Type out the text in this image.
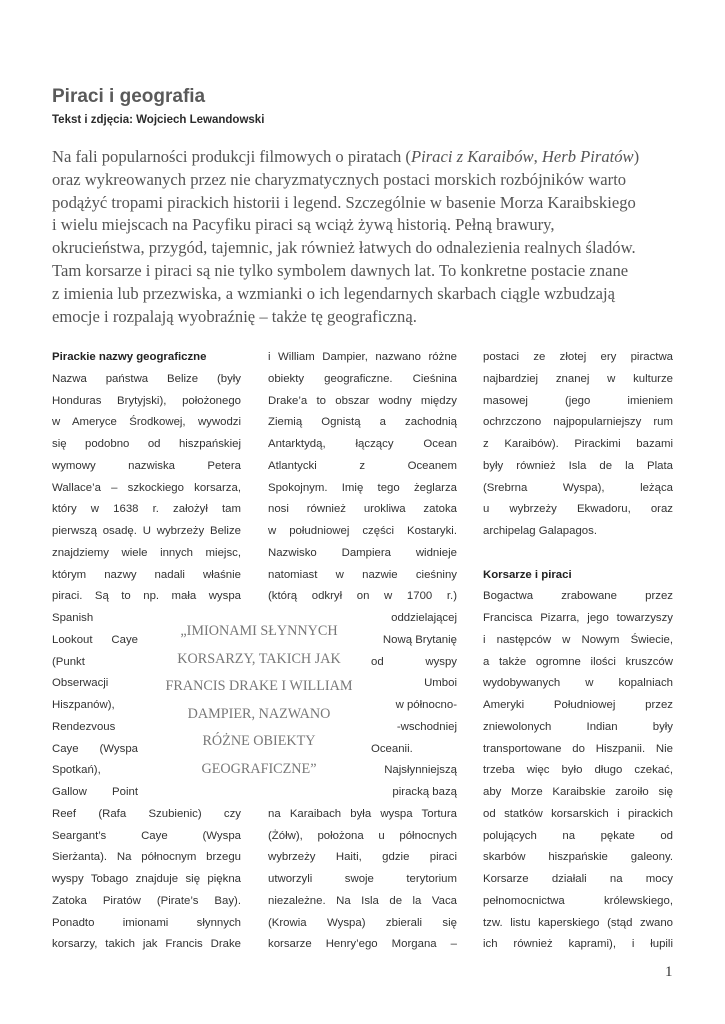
Piraci i geografia
Tekst i zdjęcia: Wojciech Lewandowski

Na fali popularności produkcji filmowych o piratach (Piraci z Karaibów, Herb Piratów)

oraz wykreowanych przez nie charyzmatycznych postaci morskich rozbójników warto

podążyć tropami pirackich historii i legend. Szczególnie w basenie Morza Karaibskiego

i wielu miejscach na Pacyfiku piraci są wciąż żywą historią. Pełną brawury,

okrucieństwa, przygód, tajemnic, jak również łatwych do odnalezienia realnych śladów.

Tam korsarze i piraci są nie tylko symbolem dawnych lat. To konkretne postacie znane

z imienia lub przezwiska, a wzmianki o ich legendarnych skarbach ciągle wzbudzają

emocje i rozpalają wyobraźnię – także tę geograficzną.

Pirackie nazwy geograficzne
Nazwa państwa Belize (były
Honduras Brytyjski), położonego
w Ameryce Środkowej, wywodzi
się podobno od hiszpańskiej
wymowy nazwiska Petera
Wallace’a – szkockiego korsarza,
który w 1638 r. założył tam
pierwszą osadę. U wybrzeży Belize
znajdziemy wiele innych miejsc,
którym nazwy nadali właśnie
piraci. Są to np. mała wyspa
Spanish
Lookout Caye
(Punkt
Obserwacji
Hiszpanów),
Rendezvous
Caye (Wyspa
Spotkań),
Gallow Point
Reef (Rafa Szubienic) czy
Seargant’s Caye (Wyspa
Sierżanta). Na północnym brzegu
wyspy Tobago znajduje się piękna
Zatoka Piratów (Pirate’s Bay).
Ponadto imionami słynnych
korsarzy, takich jak Francis Drake
i William Dampier, nazwano różne
obiekty geograficzne. Cieśnina
Drake’a to obszar wodny między
Ziemią Ognistą a zachodnią
Antarktydą, łączący Ocean
Atlantycki z Oceanem
Spokojnym. Imię tego żeglarza
nosi również urokliwa zatoka
w południowej części Kostaryki.
Nazwisko Dampiera widnieje
natomiast w nazwie cieśniny
(którą odkrył on w 1700 r.)
oddzielającej
Nową Brytanię
od wyspy
Umboi
w północno-
-wschodniej
Oceanii.
Najsłynniejszą
piracką bazą
na Karaibach była wyspa Tortura
(Żółw), położona u północnych
wybrzeży Haiti, gdzie piraci
utworzyli swoje terytorium
niezależne. Na Isla de la Vaca
(Krowia Wyspa) zbierali się
korsarze Henry’ego Morgana –
postaci ze złotej ery piractwa
najbardziej znanej w kulturze
masowej (jego imieniem
ochrzczono najpopularniejszy rum
z Karaibów). Pirackimi bazami
były również Isla de la Plata
(Srebrna Wyspa), leżąca
u wybrzeży Ekwadoru, oraz
archipelag Galapagos.
Korsarze i piraci
Bogactwa zrabowane przez
Francisca Pizarra, jego towarzyszy
i następców w Nowym Świecie,
a także ogromne ilości kruszców
wydobywanych w kopalniach
Ameryki Południowej przez
zniewolonych Indian były
transportowane do Hiszpanii. Nie
trzeba więc było długo czekać,
aby Morze Karaibskie zaroiło się
od statków korsarskich i pirackich
polujących na pękate od
skarbów hiszpańskie galeony.
Korsarze działali na mocy
pełnomocnictwa królewskiego,
tzw. listu kaperskiego (stąd zwano
ich również kaprami), i łupili
„IMIONAMI SŁYNNYCH
KORSARZY, TAKICH JAK
FRANCIS DRAKE I WILLIAM
DAMPIER, NAZWANO
RÓŻNE OBIEKTY
GEOGRAFICZNE”
1
